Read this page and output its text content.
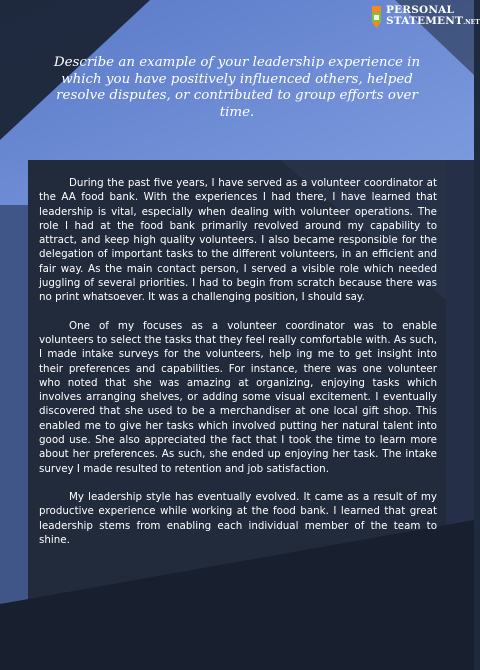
PERSONAL
STATEMENT.NET
Describe an example of your leadership experience in which you have positively influenced others, helped resolve disputes, or contributed to group efforts over time.

During the past five years, I have served as a volunteer coordinator at the AA food bank. With the experiences I had there, I have learned that leadership is vital, especially when dealing with volunteer operations. The role I had at the food bank primarily revolved around my capability to attract, and keep high quality volunteers. I also became responsible for the delegation of important tasks to the different volunteers, in an efficient and fair way. As the main contact person, I served a visible role which needed juggling of several priorities. I had to begin from scratch because there was no print whatsoever. It was a challenging position, I should say.

One of my focuses as a volunteer coordinator was to enable volunteers to select the tasks that they feel really comfortable with. As such, I made intake surveys for the volunteers, help ing me to get insight into their preferences and capabilities. For instance, there was one volunteer who noted that she was amazing at organizing, enjoying tasks which involves arranging shelves, or adding some visual excitement. I eventually discovered that she used to be a merchandiser at one local gift shop. This enabled me to give her tasks which involved putting her natural talent into good use. She also appreciated the fact that I took the time to learn more about her preferences. As such, she ended up enjoying her task. The intake survey I made resulted to retention and job satisfaction.

My leadership style has eventually evolved. It came as a result of my productive experience while working at the food bank. I learned that great leadership stems from enabling each individual member of the team to shine.
